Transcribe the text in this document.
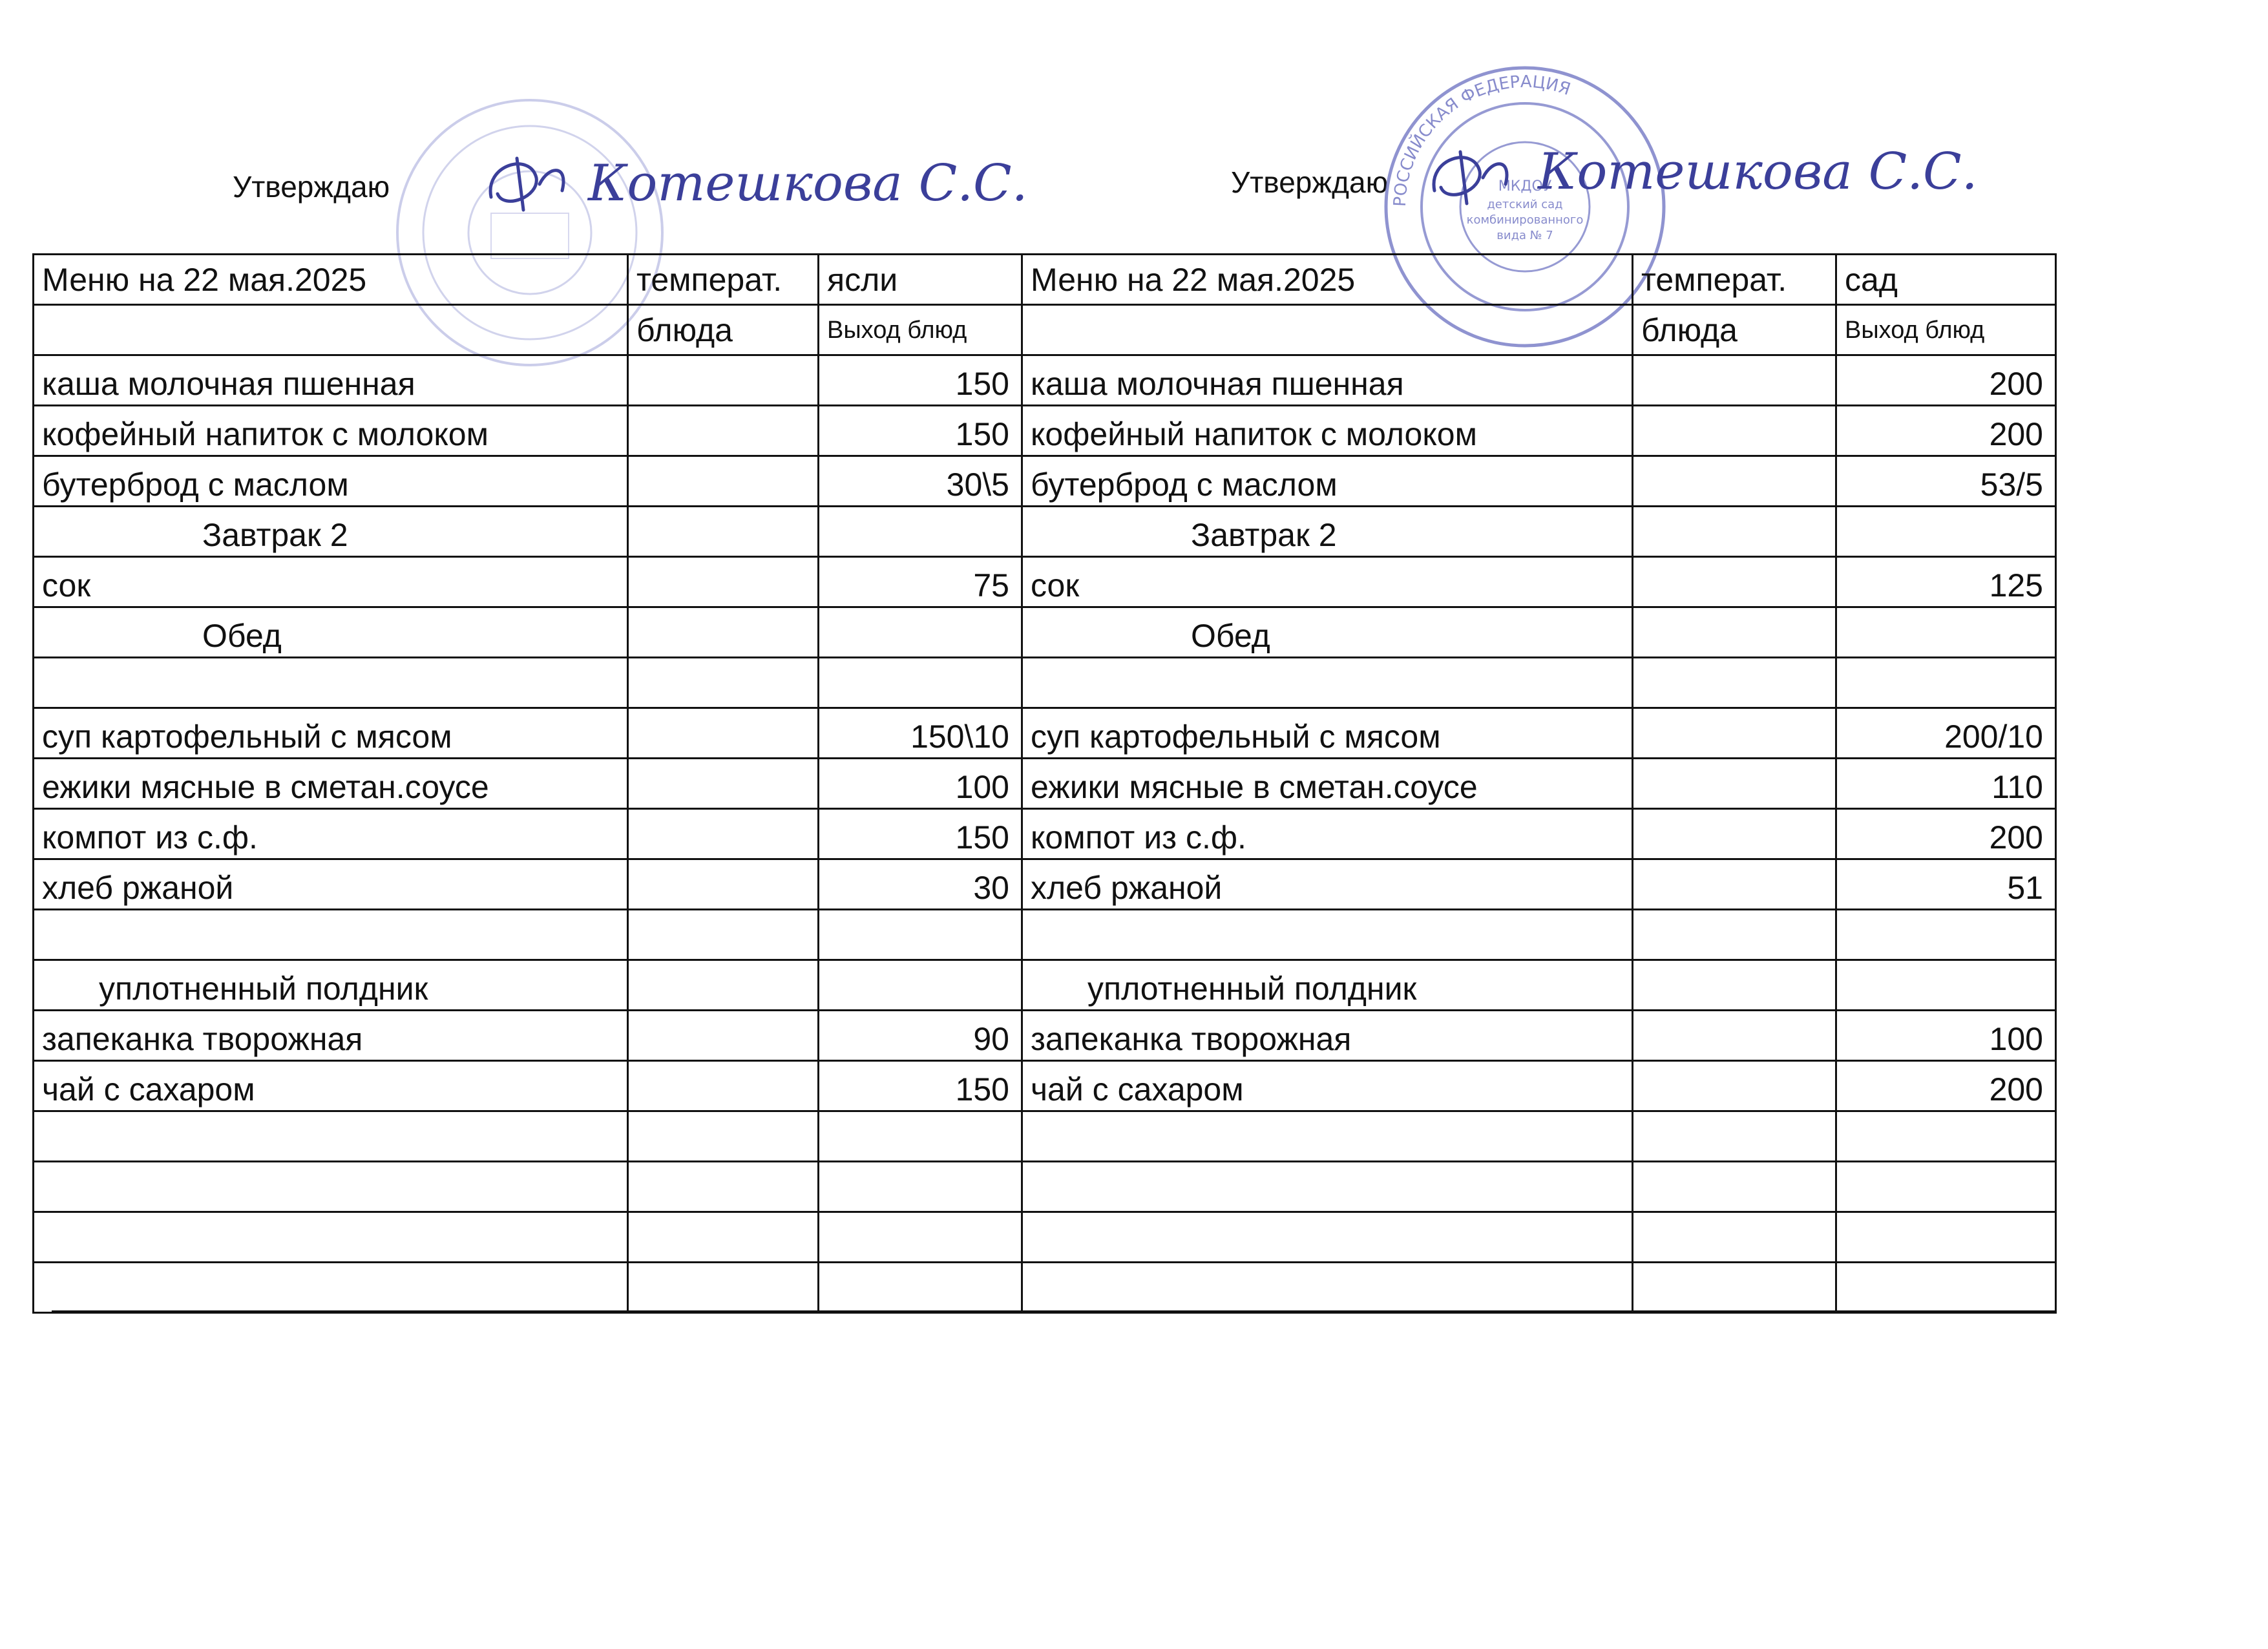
Утверждаю	Утверждаю
РОССИЙСКАЯ ФЕДЕРАЦИЯ
МКДОУ
детский сад
комбинированного
вида № 7
Котешкова С.С.	Котешкова С.С.
Меню на 22 мая.2025	температ.	ясли	Меню на 22 мая.2025	температ.	сад
	блюда	Выход блюд		блюда	Выход блюд
каша молочная пшенная		150	каша молочная пшенная		200
кофейный напиток с молоком		150	кофейный напиток с молоком		200
бутерброд с маслом		30\5	бутерброд с маслом		53/5
Завтрак 2			Завтрак 2		
сок		75	сок		125
Обед			Обед		

суп картофельный с мясом		150\10	суп картофельный с мясом		200/10
ежики мясные в сметан.соусе		100	ежики мясные в сметан.соусе		110
компот из с.ф.		150	компот из с.ф.		200
хлеб ржаной		30	хлеб ржаной		51

уплотненный полдник			уплотненный полдник		
запеканка творожная		90	запеканка творожная		100
чай с сахаром		150	чай с сахаром		200
